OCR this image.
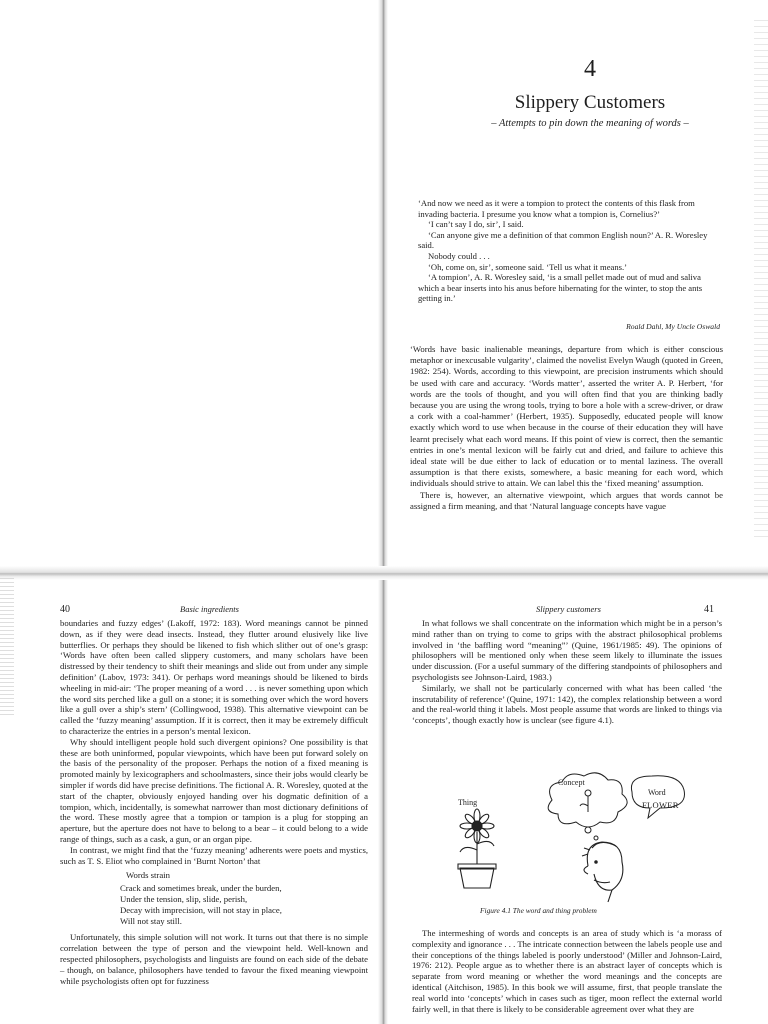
4
Slippery Customers
– Attempts to pin down the meaning of words –

‘And now we need as it were a tompion to protect the contents of this flask from invading bacteria. I presume you know what a tompion is, Cornelius?’

‘I can’t say I do, sir’, I said.

‘Can anyone give me a definition of that common English noun?’ A. R. Woresley said.

Nobody could . . .

‘Oh, come on, sir’, someone said. ‘Tell us what it means.’

‘A tompion’, A. R. Woresley said, ‘is a small pellet made out of mud and saliva which a bear inserts into his anus before hibernating for the winter, to stop the ants getting in.’

Roald Dahl, My Uncle Oswald

‘Words have basic inalienable meanings, departure from which is either conscious metaphor or inexcusable vulgarity’, claimed the novelist Evelyn Waugh (quoted in Green, 1982: 254). Words, according to this viewpoint, are precision instruments which should be used with care and accuracy. ‘Words matter’, asserted the writer A. P. Herbert, ‘for words are the tools of thought, and you will often find that you are thinking badly because you are using the wrong tools, trying to bore a hole with a screw-driver, or draw a cork with a coal-hammer’ (Herbert, 1935). Supposedly, educated people will know exactly which word to use when because in the course of their education they will have learnt precisely what each word means. If this point of view is correct, then the semantic entries in one’s mental lexicon will be fairly cut and dried, and failure to achieve this ideal state will be due either to lack of education or to mental laziness. The overall assumption is that there exists, somewhere, a basic meaning for each word, which individuals should strive to attain. We can label this the ‘fixed meaning’ assumption.

There is, however, an alternative viewpoint, which argues that words cannot be assigned a firm meaning, and that ‘Natural language concepts have vague

40	Basic ingredients

boundaries and fuzzy edges’ (Lakoff, 1972: 183). Word meanings cannot be pinned down, as if they were dead insects. Instead, they flutter around elusively like live butterflies. Or perhaps they should be likened to fish which slither out of one’s grasp: ‘Words have often been called slippery customers, and many scholars have been distressed by their tendency to shift their meanings and slide out from under any simple definition’ (Labov, 1973: 341). Or perhaps word meanings should be likened to birds wheeling in mid-air: ‘The proper meaning of a word . . . is never something upon which the word sits perched like a gull on a stone; it is something over which the word hovers like a gull over a ship’s stern’ (Collingwood, 1938). This alternative viewpoint can be called the ‘fuzzy meaning’ assumption. If it is correct, then it may be extremely difficult to characterize the entries in a person’s mental lexicon.

Why should intelligent people hold such divergent opinions? One possibility is that these are both uninformed, popular viewpoints, which have been put forward solely on the basis of the personality of the proposer. Perhaps the notion of a fixed meaning is promoted mainly by lexicographers and schoolmasters, since their jobs would clearly be simpler if words did have precise definitions. The fictional A. R. Woresley, quoted at the start of the chapter, obviously enjoyed handing over his dogmatic definition of a tompion, which, incidentally, is somewhat narrower than most dictionary definitions of the word. These mostly agree that a tompion or tampion is a plug for stopping an aperture, but the aperture does not have to belong to a bear – it could belong to a wide range of things, such as a cask, a gun, or an organ pipe.

In contrast, we might find that the ‘fuzzy meaning’ adherents were poets and mystics, such as T. S. Eliot who complained in ‘Burnt Norton’ that

Words strain
Crack and sometimes break, under the burden,
Under the tension, slip, slide, perish,
Decay with imprecision, will not stay in place,
Will not stay still.

Unfortunately, this simple solution will not work. It turns out that there is no simple correlation between the type of person and the viewpoint held. Well-known and respected philosophers, psychologists and linguists are found on each side of the debate – though, on balance, philosophers have tended to favour the fixed meaning viewpoint while psychologists often opt for fuzziness

Slippery customers	41

In what follows we shall concentrate on the information which might be in a person’s mind rather than on trying to come to grips with the abstract philosophical problems involved in ‘the baffling word “meaning”’ (Quine, 1961/1985: 49). The opinions of philosophers will be mentioned only when these seem likely to illuminate the issues under discussion. (For a useful summary of the differing standpoints of philosophers and psychologists see Johnson-Laird, 1983.)

Similarly, we shall not be particularly concerned with what has been called ‘the inscrutability of reference’ (Quine, 1971: 142), the complex relationship between a word and the real-world thing it labels. Most people assume that words are linked to things via ‘concepts’, though exactly how is unclear (see figure 4.1).

Thing
Concept
Word
FLOWER
Figure 4.1 The word and thing problem

The intermeshing of words and concepts is an area of study which is ‘a morass of complexity and ignorance . . . The intricate connection between the labels people use and their conceptions of the things labeled is poorly understood’ (Miller and Johnson-Laird, 1976: 212). People argue as to whether there is an abstract layer of concepts which is separate from word meaning or whether the word meanings and the concepts are identical (Aitchison, 1985). In this book we will assume, first, that people translate the real world into ‘concepts’ which in cases such as tiger, moon reflect the external world fairly well, in that there is likely to be considerable agreement over what they are
